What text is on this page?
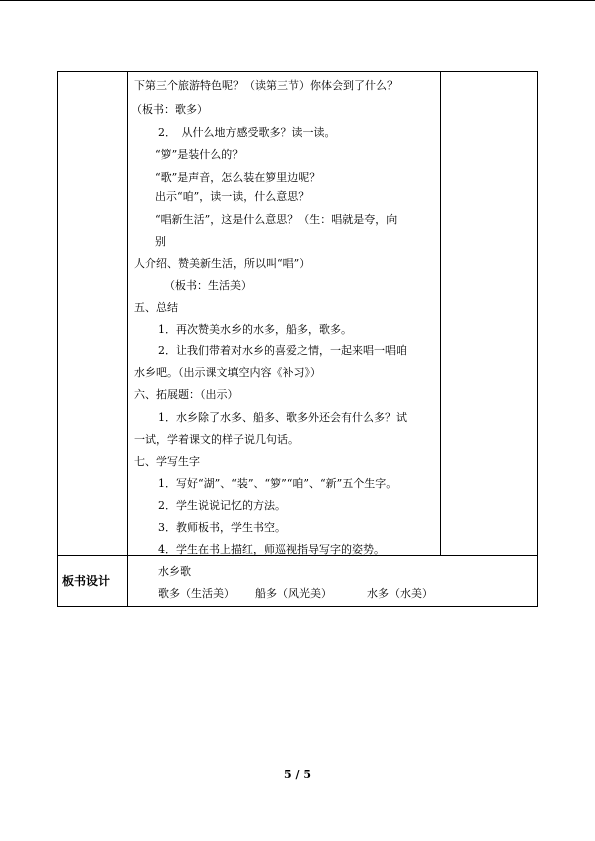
下第三个旅游特色呢？（读第三节）你体会到了什么？
（板书：歌多）
2．　从什么地方感受歌多？读一读。
“箩”是装什么的？
“歌”是声音，怎么装在箩里边呢？
出示“咱”，读一读，什么意思？
“唱新生活”，这是什么意思？（生：唱就是夸，向
别
人介绍、赞美新生活，所以叫“唱”）
（板书：生活美）
五、总结
1．再次赞美水乡的水多，船多，歌多。
2．让我们带着对水乡的喜爱之情，一起来唱一唱咱
水乡吧。（出示课文填空内容《补习》）
六、拓展题：（出示）
1．水乡除了水多、船多、歌多外还会有什么多？试
一试，学着课文的样子说几句话。
七、学写生字
1．写好“湖”、“装”、“箩”“咱”、“新”五个生字。
2．学生说说记忆的方法。
3．教师板书，学生书空。
4．学生在书上描红，师巡视指导写字的姿势。
板书设计
水乡歌
歌多（生活美） 船多（风光美）	水多（水美）
5 / 5
